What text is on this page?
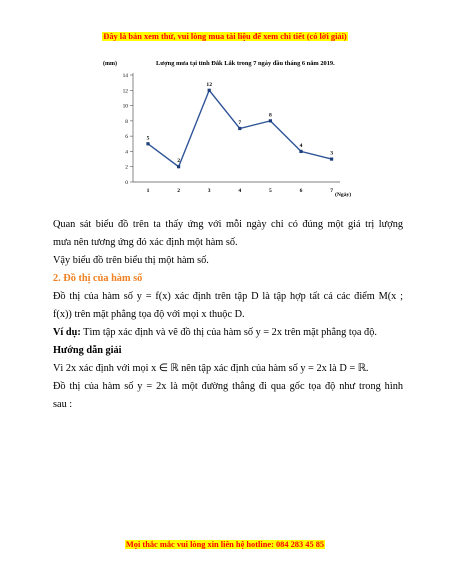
Đây là bản xem thử, vui lòng mua tài liệu để xem chi tiết (có lời giải)
Lượng mưa tại tỉnh Đắk Lắk trong 7 ngày đầu tháng 6 năm 2019.
(mm)
0
2
4
6
8
10
12
14
1	2	3	4	5	6	7
(Ngày)
5
2
12
7
8
4
3
Quan sát biểu đồ trên ta thấy ứng với mỗi ngày chỉ có đúng một giá trị lượng
mưa nên tương ứng đó xác định một hàm số.
Vậy biểu đồ trên biểu thị một hàm số.
2. Đồ thị của hàm số
Đồ thị của hàm số y = f(x) xác định trên tập D là tập hợp tất cả các điểm M(x ;
f(x)) trên mặt phẳng tọa độ với mọi x thuộc D.
Ví dụ: Tìm tập xác định và vẽ đồ thị của hàm số y = 2x trên mặt phẳng tọa độ.
Hướng dẫn giải
Vì 2x xác định với mọi x ∈ ℝ nên tập xác định của hàm số y = 2x là D = ℝ.
Đồ thị của hàm số y = 2x là một đường thẳng đi qua gốc tọa độ như trong hình
sau :
Mọi thắc mắc vui lòng xin liên hệ hotline: 084 283 45 85
